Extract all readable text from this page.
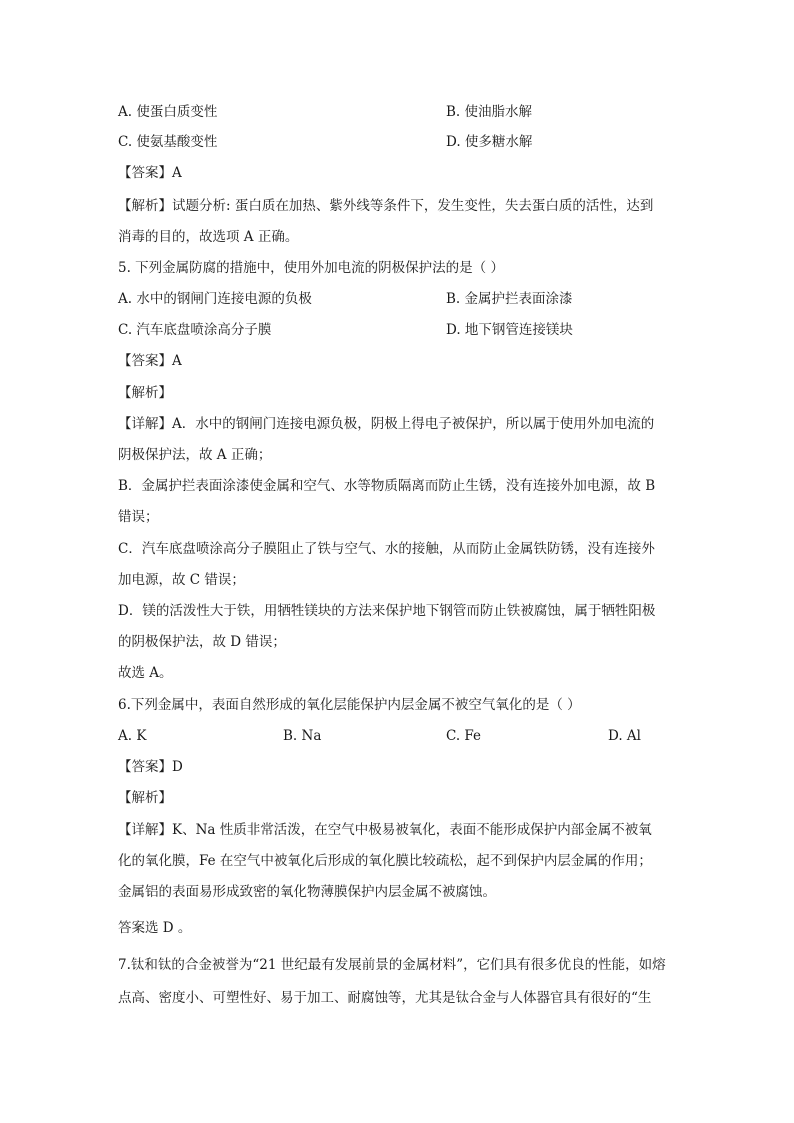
A. 使蛋白质变性	B. 使油脂水解
C. 使氨基酸变性	D. 使多糖水解
【答案】A
【解析】试题分析: 蛋白质在加热、紫外线等条件下，发生变性，失去蛋白质的活性，达到
消毒的目的，故选项 A 正确。
5. 下列金属防腐的措施中，使用外加电流的阴极保护法的是（ ）
A. 水中的钢闸门连接电源的负极	B. 金属护拦表面涂漆
C. 汽车底盘喷涂高分子膜	D. 地下钢管连接镁块
【答案】A
【解析】
【详解】A．水中的钢闸门连接电源负极，阴极上得电子被保护，所以属于使用外加电流的
阴极保护法，故 A 正确；
B．金属护拦表面涂漆使金属和空气、水等物质隔离而防止生锈，没有连接外加电源，故 B
错误；
C．汽车底盘喷涂高分子膜阻止了铁与空气、水的接触，从而防止金属铁防锈，没有连接外
加电源，故 C 错误；
D．镁的活泼性大于铁，用牺牲镁块的方法来保护地下钢管而防止铁被腐蚀，属于牺牲阳极
的阴极保护法，故 D 错误；
故选 A。
6.下列金属中，表面自然形成的氧化层能保护内层金属不被空气氧化的是（ ）
A. K	B. Na	C. Fe	D. Al
【答案】D
【解析】
【详解】K、Na 性质非常活泼，在空气中极易被氧化，表面不能形成保护内部金属不被氧
化的氧化膜，Fe 在空气中被氧化后形成的氧化膜比较疏松，起不到保护内层金属的作用；
金属铝的表面易形成致密的氧化物薄膜保护内层金属不被腐蚀。
答案选 D 。
7.钛和钛的合金被誉为“21 世纪最有发展前景的金属材料”，它们具有很多优良的性能，如熔
点高、密度小、可塑性好、易于加工、耐腐蚀等，尤其是钛合金与人体器官具有很好的“生
